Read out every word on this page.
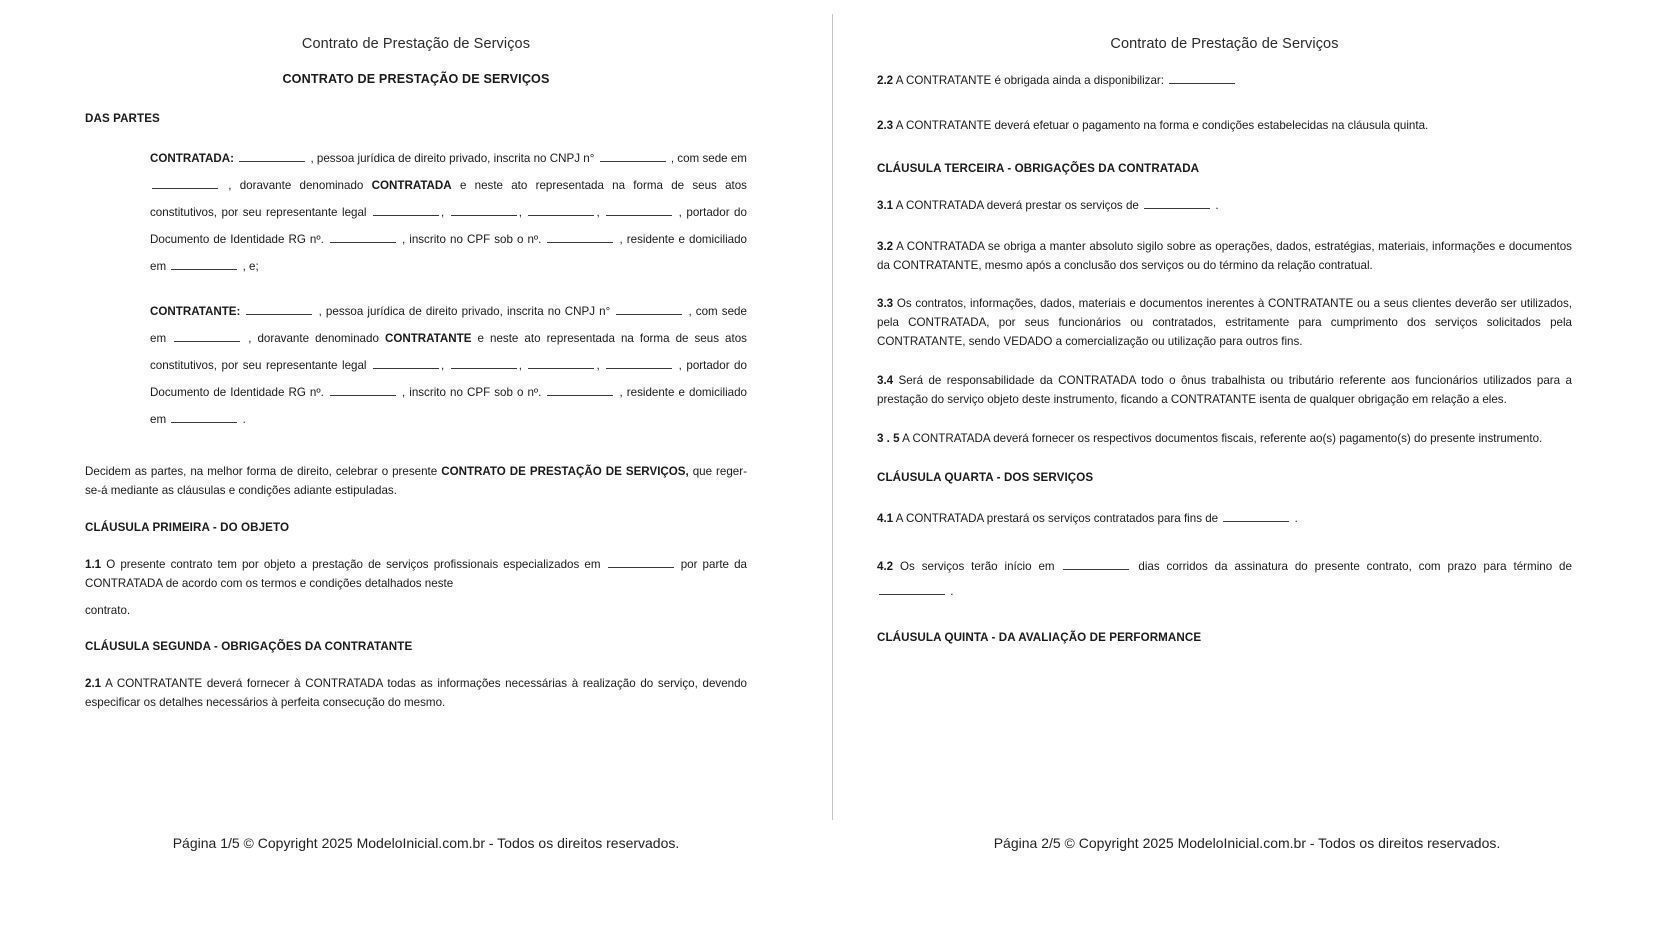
Contrato de Prestação de Serviços
CONTRATO DE PRESTAÇÃO DE SERVIÇOS
DAS PARTES
CONTRATADA:	, pessoa jurídica de direito privado, inscrita no CNPJ n°	, com sede em  , doravante denominado CONTRATADA e neste ato representada na forma de seus atos constitutivos, por seu representante legal	,	,	,	, portador do Documento de Identidade RG nº.	, inscrito no CPF sob o nº.	, residente e domiciliado em	, e;
CONTRATANTE:	, pessoa jurídica de direito privado, inscrita no CNPJ n°	, com sede em	, doravante denominado CONTRATANTE e neste ato representada na forma de seus atos constitutivos, por seu representante legal	,	,	,	, portador do Documento de Identidade RG nº.	, inscrito no CPF sob o nº.	, residente e domiciliado em	.
Decidem as partes, na melhor forma de direito, celebrar o presente CONTRATO DE PRESTAÇÃO DE SERVIÇOS, que reger-se-á mediante as cláusulas e condições adiante estipuladas.
CLÁUSULA PRIMEIRA - DO OBJETO
1.1 O presente contrato tem por objeto a prestação de serviços profissionais especializados em	por parte da CONTRATADA de acordo com os termos e condições detalhados neste
contrato.
CLÁUSULA SEGUNDA - OBRIGAÇÕES DA CONTRATANTE
2.1 A CONTRATANTE deverá fornecer à CONTRATADA todas as informações necessárias à realização do serviço, devendo especificar os detalhes necessários à perfeita consecução do mesmo.
Página 1/5 © Copyright 2025 ModeloInicial.com.br - Todos os direitos reservados.
Contrato de Prestação de Serviços
2.2 A CONTRATANTE é obrigada ainda a disponibilizar:
2.3 A CONTRATANTE deverá efetuar o pagamento na forma e condições estabelecidas na cláusula quinta.
CLÁUSULA TERCEIRA - OBRIGAÇÕES DA CONTRATADA
3.1 A CONTRATADA deverá prestar os serviços de	.
3.2 A CONTRATADA se obriga a manter absoluto sigilo sobre as operações, dados, estratégias, materiais, informações e documentos da CONTRATANTE, mesmo após a conclusão dos serviços ou do término da relação contratual.
3.3 Os contratos, informações, dados, materiais e documentos inerentes à CONTRATANTE ou a seus clientes deverão ser utilizados, pela CONTRATADA, por seus funcionários ou contratados, estritamente para cumprimento dos serviços solicitados pela CONTRATANTE, sendo VEDADO a comercialização ou utilização para outros fins.
3.4 Será de responsabilidade da CONTRATADA todo o ônus trabalhista ou tributário referente aos funcionários utilizados para a prestação do serviço objeto deste instrumento, ficando a CONTRATANTE isenta de qualquer obrigação em relação a eles.
3 . 5 A CONTRATADA deverá fornecer os respectivos documentos fiscais, referente ao(s) pagamento(s) do presente instrumento.
CLÁUSULA QUARTA - DOS SERVIÇOS
4.1 A CONTRATADA prestará os serviços contratados para fins de	.
4.2 Os serviços terão início em	dias corridos da assinatura do presente contrato, com prazo para término de  .
CLÁUSULA QUINTA - DA AVALIAÇÃO DE PERFORMANCE
Página 2/5 © Copyright 2025 ModeloInicial.com.br - Todos os direitos reservados.
